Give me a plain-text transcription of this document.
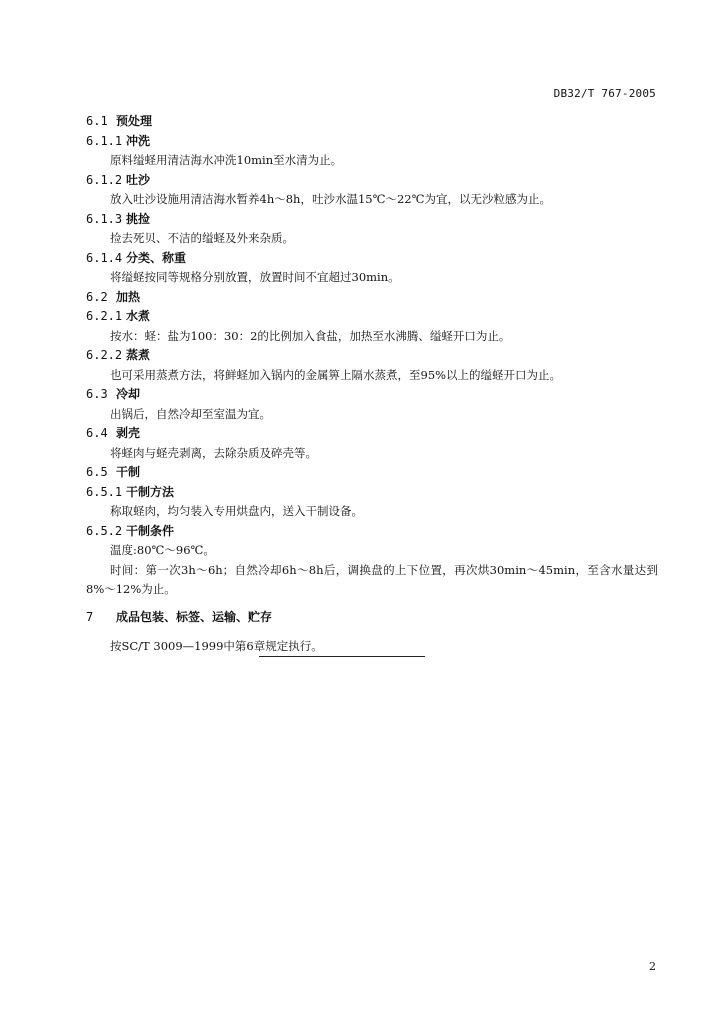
DB32/T 767-2005
6.1 预处理
6.1.1 冲洗
原料缢蛏用清洁海水冲洗10min至水清为止。
6.1.2 吐沙
放入吐沙设施用清洁海水暂养4h～8h，吐沙水温15℃～22℃为宜，以无沙粒感为止。
6.1.3 挑捡
捡去死贝、不洁的缢蛏及外来杂质。
6.1.4 分类、称重
将缢蛏按同等规格分别放置，放置时间不宜超过30min。
6.2 加热
6.2.1 水煮
按水：蛏：盐为100：30：2的比例加入食盐，加热至水沸腾、缢蛏开口为止。
6.2.2 蒸煮
也可采用蒸煮方法，将鲜蛏加入锅内的金属箅上隔水蒸煮，至95%以上的缢蛏开口为止。
6.3 冷却
出锅后，自然冷却至室温为宜。
6.4 剥壳
将蛏肉与蛏壳剥离，去除杂质及碎壳等。
6.5 干制
6.5.1 干制方法
称取蛏肉，均匀装入专用烘盘内，送入干制设备。
6.5.2 干制条件
温度:80℃～96℃。
时间：第一次3h～6h；自然冷却6h～8h后，调换盘的上下位置，再次烘30min～45min，至含水量达到8%～12%为止。
7 成品包装、标签、运输、贮存
按SC/T 3009—1999中第6章规定执行。
2
